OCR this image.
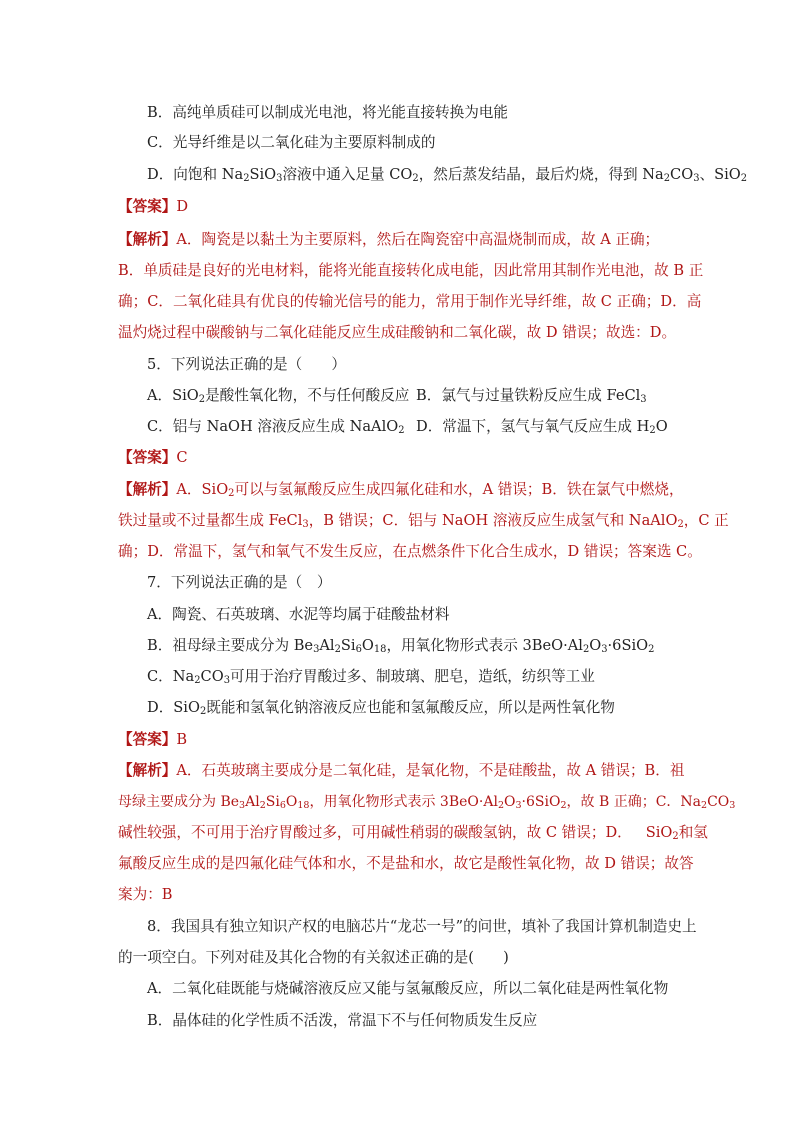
B．高纯单质硅可以制成光电池，将光能直接转换为电能
C．光导纤维是以二氧化硅为主要原料制成的
D．向饱和 $Na_2SiO_3$溶液中通入足量 $CO_2$，然后蒸发结晶，最后灼烧，得到 $Na_2CO_3$、SiO$_2$
【答案】D
【解析】A．陶瓷是以黏土为主要原料，然后在陶瓷窑中高温烧制而成，故 A 正确；
B．单质硅是良好的光电材料，能将光能直接转化成电能，因此常用其制作光电池，故 B 正
确；C．二氧化硅具有优良的传输光信号的能力，常用于制作光导纤维，故 C 正确；D．高
温灼烧过程中碳酸钠与二氧化硅能反应生成硅酸钠和二氧化碳，故 D 错误；故选：D。
5．下列说法正确的是（　　）
A．SiO$_2$是酸性氧化物，不与任何酸反应 B．氯气与过量铁粉反应生成 FeCl$_3$
C．铝与 NaOH 溶液反应生成 NaAlO$_2$ D．常温下，氢气与氧气反应生成 $H_2O$
【答案】C
【解析】A．SiO$_2$可以与氢氟酸反应生成四氟化硅和水，A 错误；B．铁在氯气中燃烧，
铁过量或不过量都生成 FeCl$_3$，B 错误；C．铝与 NaOH 溶液反应生成氢气和 NaAlO$_2$，C 正
确；D．常温下，氢气和氧气不发生反应，在点燃条件下化合生成水，D 错误；答案选 C。
7．下列说法正确的是（　）
A．陶瓷、石英玻璃、水泥等均属于硅酸盐材料
B．祖母绿主要成分为 $Be_3Al_2Si_6O_{18}$，用氧化物形式表示 $3BeO\cdot Al_2O_3\cdot 6SiO_2$
C．$Na_2CO_3$可用于治疗胃酸过多、制玻璃、肥皂，造纸，纺织等工业
D．SiO$_2$既能和氢氧化钠溶液反应也能和氢氟酸反应，所以是两性氧化物
【答案】B
【解析】A．石英玻璃主要成分是二氧化硅，是氧化物，不是硅酸盐，故 A 错误；B．祖
母绿主要成分为 $Be_3Al_2Si_6O_{18}$，用氧化物形式表示 $3BeO\cdot Al_2O_3\cdot 6SiO_2$，故 B 正确；C．$Na_2CO_3$
碱性较强，不可用于治疗胃酸过多，可用碱性稍弱的碳酸氢钠，故 C 错误；D． SiO$_2$和氢
氟酸反应生成的是四氟化硅气体和水，不是盐和水，故它是酸性氧化物，故 D 错误；故答
案为：B
8．我国具有独立知识产权的电脑芯片“龙芯一号”的问世，填补了我国计算机制造史上
的一项空白。下列对硅及其化合物的有关叙述正确的是(　　)
A．二氧化硅既能与烧碱溶液反应又能与氢氟酸反应，所以二氧化硅是两性氧化物
B．晶体硅的化学性质不活泼，常温下不与任何物质发生反应
